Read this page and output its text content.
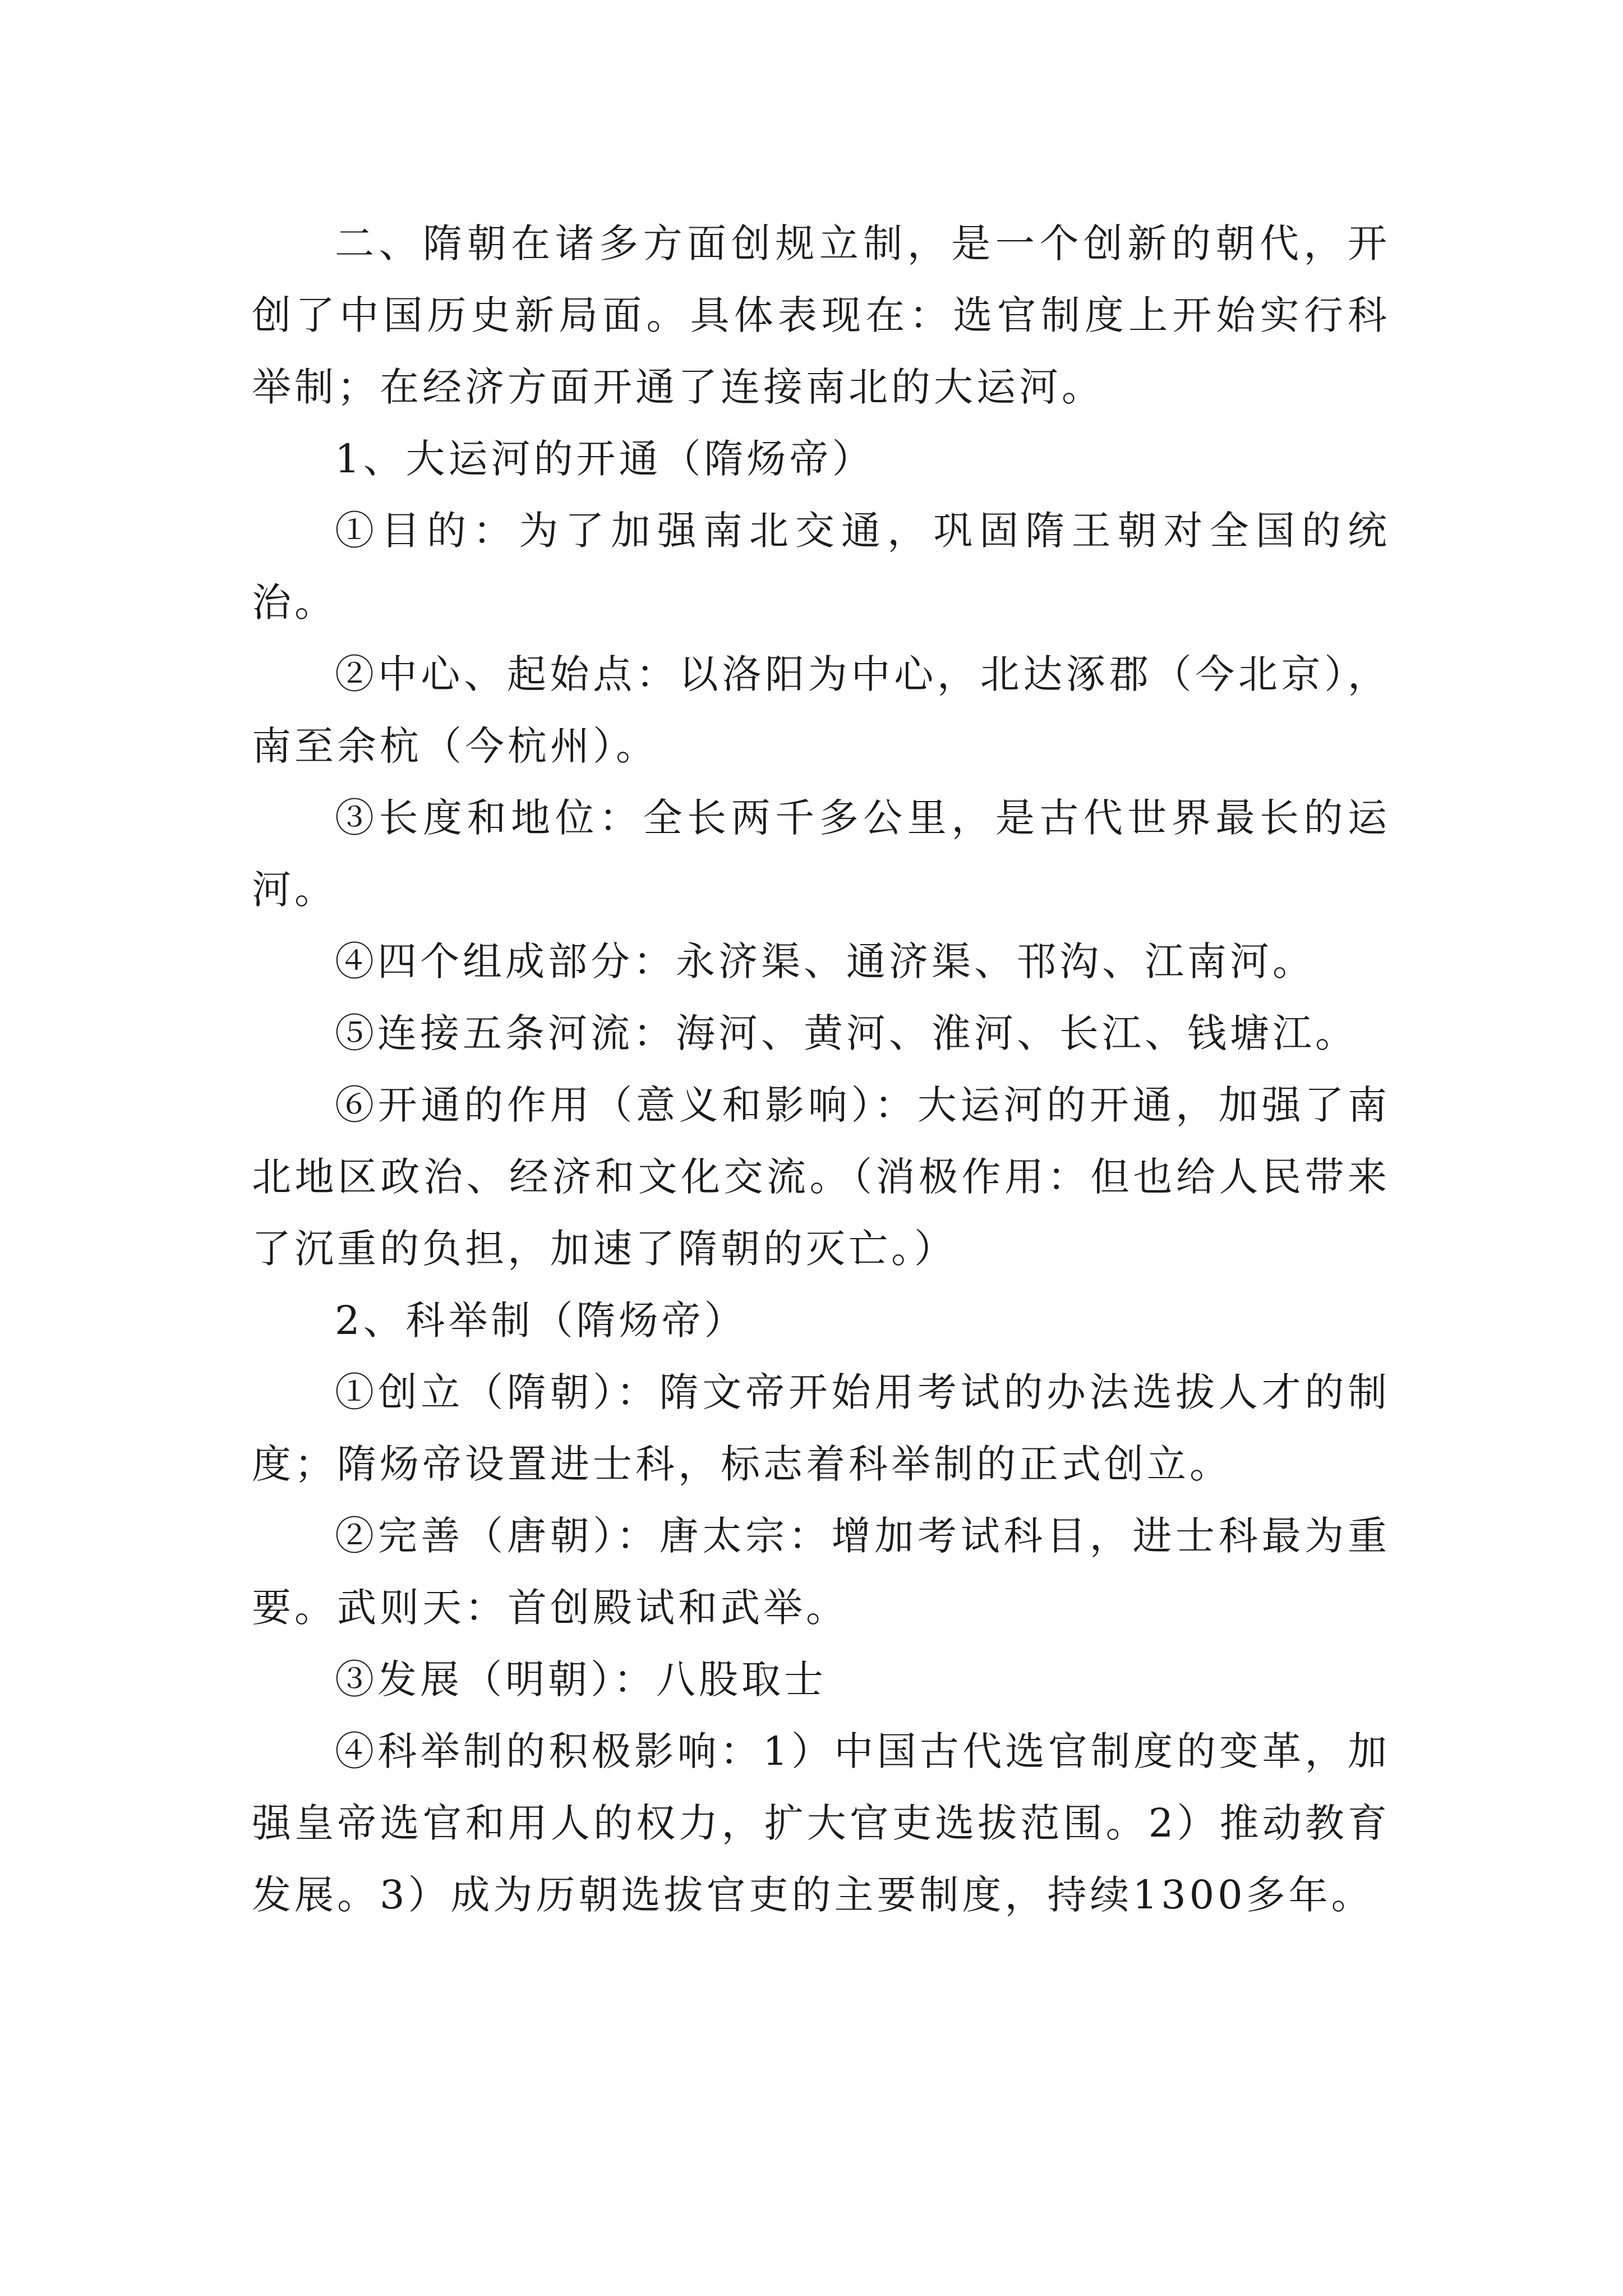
二、隋朝在诸多方面创规立制，是一个创新的朝代，开创了中国历史新局面。具体表现在：选官制度上开始实行科举制；在经济方面开通了连接南北的大运河。

1、大运河的开通（隋炀帝）

①目的：为了加强南北交通，巩固隋王朝对全国的统治。

②中心、起始点：以洛阳为中心，北达涿郡（今北京），南至余杭（今杭州）。

③长度和地位：全长两千多公里，是古代世界最长的运河。

④四个组成部分：永济渠、通济渠、邗沟、江南河。

⑤连接五条河流：海河、黄河、淮河、长江、钱塘江。

⑥开通的作用（意义和影响）：大运河的开通，加强了南北地区政治、经济和文化交流。（消极作用：但也给人民带来了沉重的负担，加速了隋朝的灭亡。）

2、科举制（隋炀帝）

①创立（隋朝）：隋文帝开始用考试的办法选拔人才的制度；隋炀帝设置进士科，标志着科举制的正式创立。

②完善（唐朝）：唐太宗：增加考试科目，进士科最为重要。武则天：首创殿试和武举。

③发展（明朝）：八股取士

④科举制的积极影响：1）中国古代选官制度的变革，加强皇帝选官和用人的权力，扩大官吏选拔范围。2）推动教育发展。3）成为历朝选拔官吏的主要制度，持续1300多年。
